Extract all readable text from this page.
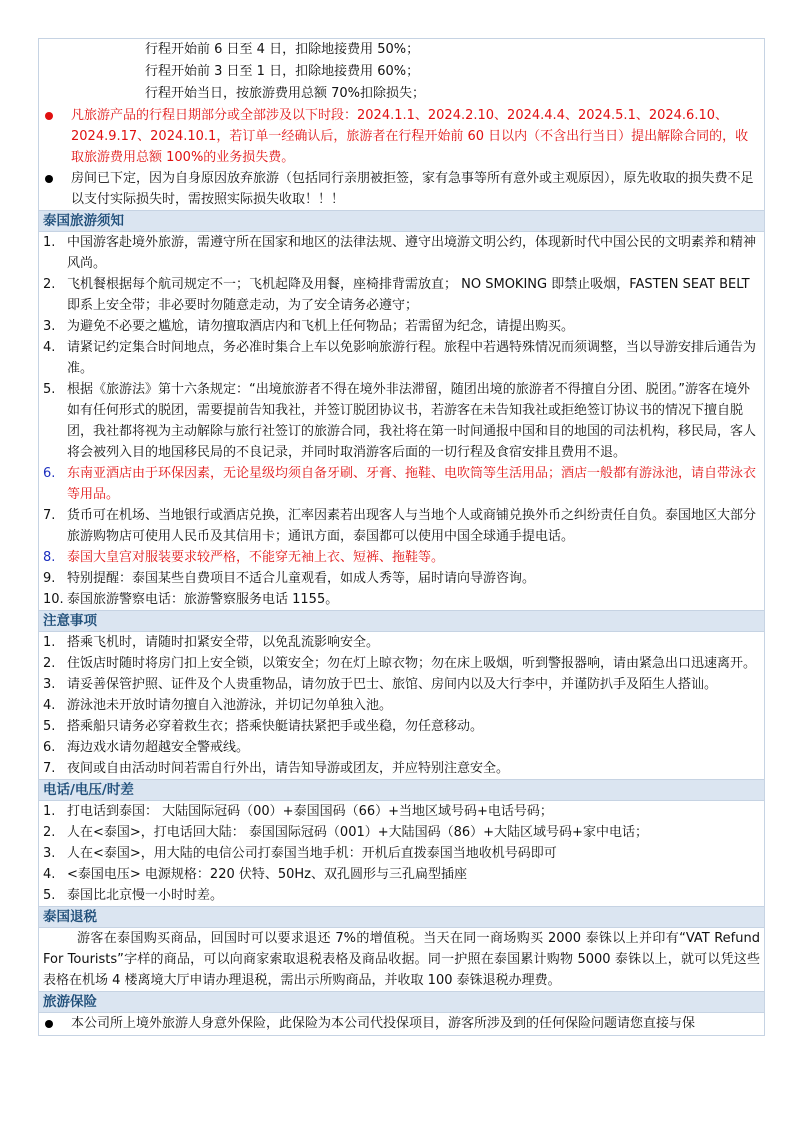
行程开始前 6 日至 4 日，扣除地接费用 50%；
行程开始前 3 日至 1 日，扣除地接费用 60%；
行程开始当日，按旅游费用总额 70%扣除损失；
凡旅游产品的行程日期部分或全部涉及以下时段：2024.1.1、2024.2.10、2024.4.4、2024.5.1、2024.6.10、2024.9.17、2024.10.1，若订单一经确认后，旅游者在行程开始前 60 日以内（不含出行当日）提出解除合同的，收取旅游费用总额 100%的业务损失费。
房间已下定，因为自身原因放弃旅游（包括同行亲朋被拒签，家有急事等所有意外或主观原因），原先收取的损失费不足以支付实际损失时，需按照实际损失收取！！！
泰国旅游须知
1. 中国游客赴境外旅游，需遵守所在国家和地区的法律法规、遵守出境游文明公约，体现新时代中国公民的文明素养和精神风尚。
2. 飞机餐根据每个航司规定不一；飞机起降及用餐，座椅排背需放直； NO SMOKING 即禁止吸烟，FASTEN SEAT BELT 即系上安全带；非必要时勿随意走动，为了安全请务必遵守；
3. 为避免不必要之尴尬，请勿擅取酒店内和飞机上任何物品；若需留为纪念，请提出购买。
4. 请紧记约定集合时间地点，务必准时集合上车以免影响旅游行程。旅程中若遇特殊情况而须调整，当以导游安排后通告为准。
5. 根据《旅游法》第十六条规定：“出境旅游者不得在境外非法滞留，随团出境的旅游者不得擅自分团、脱团。”游客在境外如有任何形式的脱团，需要提前告知我社，并签订脱团协议书，若游客在未告知我社或拒绝签订协议书的情况下擅自脱团，我社都将视为主动解除与旅行社签订的旅游合同，我社将在第一时间通报中国和目的地国的司法机构，移民局，客人将会被列入目的地国移民局的不良记录，并同时取消游客后面的一切行程及食宿安排且费用不退。
6. 东南亚酒店由于环保因素，无论星级均须自备牙刷、牙膏、拖鞋、电吹筒等生活用品；酒店一般都有游泳池，请自带泳衣等用品。
7. 货币可在机场、当地银行或酒店兑换，汇率因素若出现客人与当地个人或商铺兑换外币之纠纷责任自负。泰国地区大部分旅游购物店可使用人民币及其信用卡；通讯方面，泰国都可以使用中国全球通手提电话。
8. 泰国大皇宫对服装要求较严格，不能穿无袖上衣、短裤、拖鞋等。
9. 特别提醒：泰国某些自费项目不适合儿童观看，如成人秀等，届时请向导游咨询。
10. 泰国旅游警察电话：旅游警察服务电话 1155。
注意事项
1. 搭乘飞机时，请随时扣紧安全带，以免乱流影响安全。
2. 住饭店时随时将房门扣上安全锁，以策安全；勿在灯上晾衣物；勿在床上吸烟，听到警报器响，请由紧急出口迅速离开。
3. 请妥善保管护照、证件及个人贵重物品，请勿放于巴士、旅馆、房间内以及大行李中，并谨防扒手及陌生人搭讪。
4. 游泳池未开放时请勿擅自入池游泳，并切记勿单独入池。
5. 搭乘船只请务必穿着救生衣；搭乘快艇请扶紧把手或坐稳，勿任意移动。
6. 海边戏水请勿超越安全警戒线。
7. 夜间或自由活动时间若需自行外出，请告知导游或团友，并应特别注意安全。
电话/电压/时差
1. 打电话到泰国： 大陆国际冠码（00）+泰国国码（66）+当地区域号码+电话号码；
2. 人在<泰国>，打电话回大陆： 泰国国际冠码（001）+大陆国码（86）+大陆区域号码+家中电话；
3. 人在<泰国>，用大陆的电信公司打泰国当地手机：开机后直拨泰国当地收机号码即可
4. <泰国电压> 电源规格：220 伏特、50Hz、双孔圆形与三孔扁型插座
5. 泰国比北京慢一小时时差。
泰国退税
游客在泰国购买商品，回国时可以要求退还 7%的增值税。当天在同一商场购买 2000 泰铢以上并印有“VAT Refund For Tourists”字样的商品，可以向商家索取退税表格及商品收据。同一护照在泰国累计购物 5000 泰铢以上，就可以凭这些表格在机场 4 楼离境大厅申请办理退税，需出示所购商品，并收取 100 泰铢退税办理费。
旅游保险
本公司所上境外旅游人身意外保险，此保险为本公司代投保项目，游客所涉及到的任何保险问题请您直接与保
